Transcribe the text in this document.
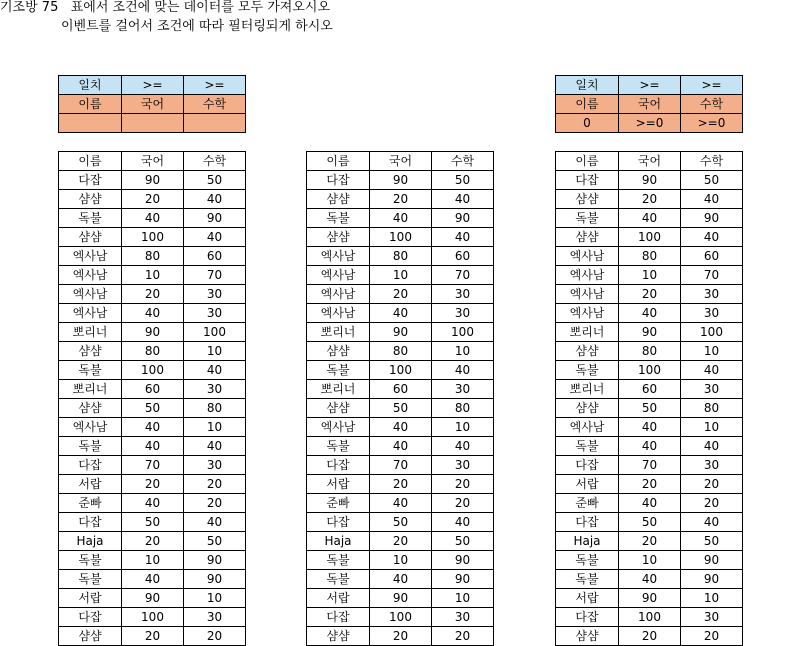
기조방 75   표에서 조건에 맞는 데이터를 모두 가져오시오
이벤트를 걸어서 조건에 따라 필터링되게 하시오
일치	>=	>=
이름	국어	수학

일치	>=	>=
이름	국어	수학
0	>=0	>=0
이름	국어	수학
다잡	90	50
샴샴	20	40
독불	40	90
샴샴	100	40
엑사남	80	60
엑사남	10	70
엑사남	20	30
엑사남	40	30
뽀리너	90	100
샴샴	80	10
독불	100	40
뽀리너	60	30
샴샴	50	80
엑사남	40	10
독불	40	40
다잡	70	30
서랍	20	20
준빠	40	20
다잡	50	40
Haja	20	50
독불	10	90
독불	40	90
서랍	90	10
다잡	100	30
샴샴	20	20
이름	국어	수학
다잡	90	50
샴샴	20	40
독불	40	90
샴샴	100	40
엑사남	80	60
엑사남	10	70
엑사남	20	30
엑사남	40	30
뽀리너	90	100
샴샴	80	10
독불	100	40
뽀리너	60	30
샴샴	50	80
엑사남	40	10
독불	40	40
다잡	70	30
서랍	20	20
준빠	40	20
다잡	50	40
Haja	20	50
독불	10	90
독불	40	90
서랍	90	10
다잡	100	30
샴샴	20	20
이름	국어	수학
다잡	90	50
샴샴	20	40
독불	40	90
샴샴	100	40
엑사남	80	60
엑사남	10	70
엑사남	20	30
엑사남	40	30
뽀리너	90	100
샴샴	80	10
독불	100	40
뽀리너	60	30
샴샴	50	80
엑사남	40	10
독불	40	40
다잡	70	30
서랍	20	20
준빠	40	20
다잡	50	40
Haja	20	50
독불	10	90
독불	40	90
서랍	90	10
다잡	100	30
샴샴	20	20
